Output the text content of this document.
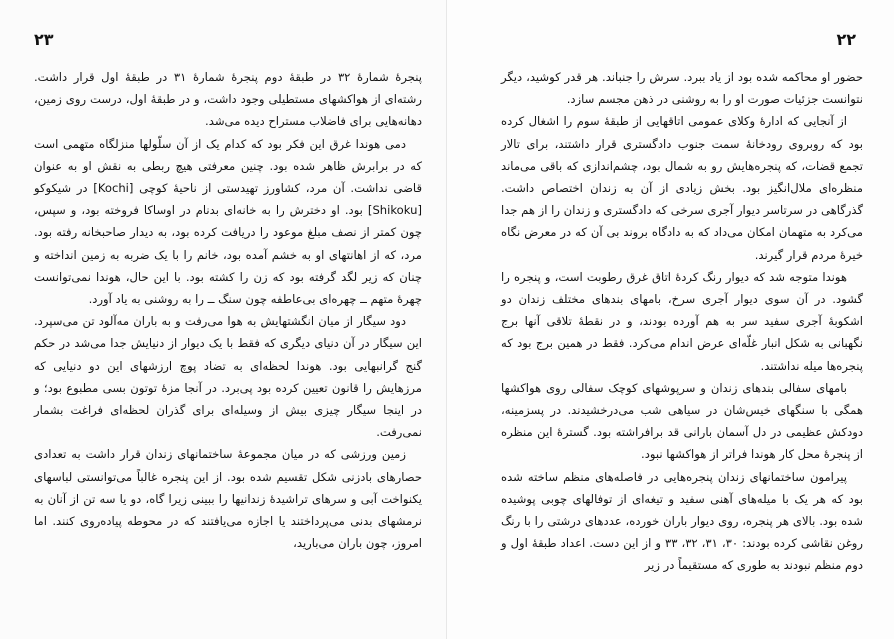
۲۳

پنجرهٔ شمارهٔ ۳۲ در طبقهٔ دوم پنجرهٔ شمارهٔ ۳۱ در طبقهٔ اول قرار داشت. رشته‌ای از هواکشهای مستطیلی وجود داشت، و در طبقهٔ اول، درست روی زمین، دهانه‌هایی برای فاضلاب مستراح دیده می‌شد.

دمی هوندا غرق این فکر بود که کدام یک از آن سلّولها منزلگاه متهمی است که در برابرش ظاهر شده بود. چنین معرفتی هیچ ربطی به نقش او به عنوان قاضی نداشت. آن مرد، کشاورز تهیدستی از ناحیهٔ کوچی [Kochi] در شیکوکو [Shikoku] بود. او دخترش را به خانه‌ای بدنام در اوساکا فروخته بود، و سپس، چون کمتر از نصف مبلغ موعود را دریافت کرده بود، به دیدار صاحبخانه رفته بود. مرد، که از اهانتهای او به خشم آمده بود، خانم را با یک ضربه به زمین انداخته و چنان که زیر لگد گرفته بود که زن را کشته بود. با این حال، هوندا نمی‌توانست چهرهٔ متهم ــ چهره‌ای بی‌عاطفه چون سنگ ــ را به روشنی به یاد آورد.

دود سیگار از میان انگشتهایش به هوا می‌رفت و به باران مه‌آلود تن می‌سپرد. این سیگار در آن دنیای دیگری که فقط با یک دیوار از دنیایش جدا می‌شد در حکم گنج گرانبهایی بود. هوندا لحظه‌ای به تضاد پوچ ارزشهای این دو دنیایی که مرزهایش را قانون تعیین کرده بود پی‌برد. در آنجا مزهٔ توتون بسی مطبوع بود؛ و در اینجا سیگار چیزی بیش از وسیله‌ای برای گذران لحظه‌ای فراغت بشمار نمی‌رفت.

زمین ورزشی که در میان مجموعهٔ ساختمانهای زندان قرار داشت به تعدادی حصارهای بادزنی شکل تقسیم شده بود. از این پنجره غالباً می‌توانستی لباسهای یکنواخت آبی و سرهای تراشیدهٔ زندانیها را ببینی زیرا گاه، دو یا سه تن از آنان به نرمشهای بدنی می‌پرداختند یا اجازه می‌یافتند که در محوطه پیاده‌روی کنند. اما امروز، چون باران می‌بارید،

۲۲

حضور او محاکمه شده بود از یاد ببرد. سرش را جنباند. هر قدر کوشید، دیگر نتوانست جزئیات صورت او را به روشنی در ذهن مجسم سازد.

از آنجایی که ادارهٔ وکلای عمومی اتاقهایی از طبقهٔ سوم را اشغال کرده بود که روبروی رودخانهٔ سمت جنوب دادگستری قرار داشتند، برای تالار تجمع قضات، که پنجره‌هایش رو به شمال بود، چشم‌اندازی که باقی می‌ماند منظره‌ای ملال‌انگیز بود. بخش زیادی از آن به زندان اختصاص داشت. گذرگاهی در سرتاسر دیوار آجری سرخی که دادگستری و زندان را از هم جدا می‌کرد به متهمان امکان می‌داد که به دادگاه بروند بی آن که در معرض نگاه خیرهٔ مردم قرار گیرند.

هوندا متوجه شد که دیوار رنگ کردهٔ اتاق غرق رطوبت است، و پنجره را گشود. در آن سوی دیوار آجری سرخ، بامهای بندهای مختلف زندان دو اشکوبهٔ آجری سفید سر به هم آورده بودند، و در نقطهٔ تلاقی آنها برج نگهبانی به شکل انبار غلّه‌ای عرض اندام می‌کرد. فقط در همین برج بود که پنجره‌ها میله نداشتند.

بامهای سفالی بندهای زندان و سرپوشهای کوچک سفالی روی هواکشها همگی با سنگهای خیس‌شان در سیاهی شب می‌درخشیدند. در پسزمینه، دودکش عظیمی در دل آسمان بارانی قد برافراشته بود. گسترهٔ این منظره از پنجرهٔ محل کار هوندا فراتر از هواکشها نبود.

پیرامون ساختمانهای زندان پنجره‌هایی در فاصله‌های منظم ساخته شده بود که هر یک با میله‌های آهنی سفید و تیغه‌ای از توفالهای چوبی پوشیده شده بود. بالای هر پنجره، روی دیوار باران خورده، عددهای درشتی را با رنگ روغن نقاشی کرده بودند: ۳۰، ۳۱، ۳۲، ۳۳ و از این دست. اعداد طبقهٔ اول و دوم منظم نبودند به طوری که مستقیماً در زیر
